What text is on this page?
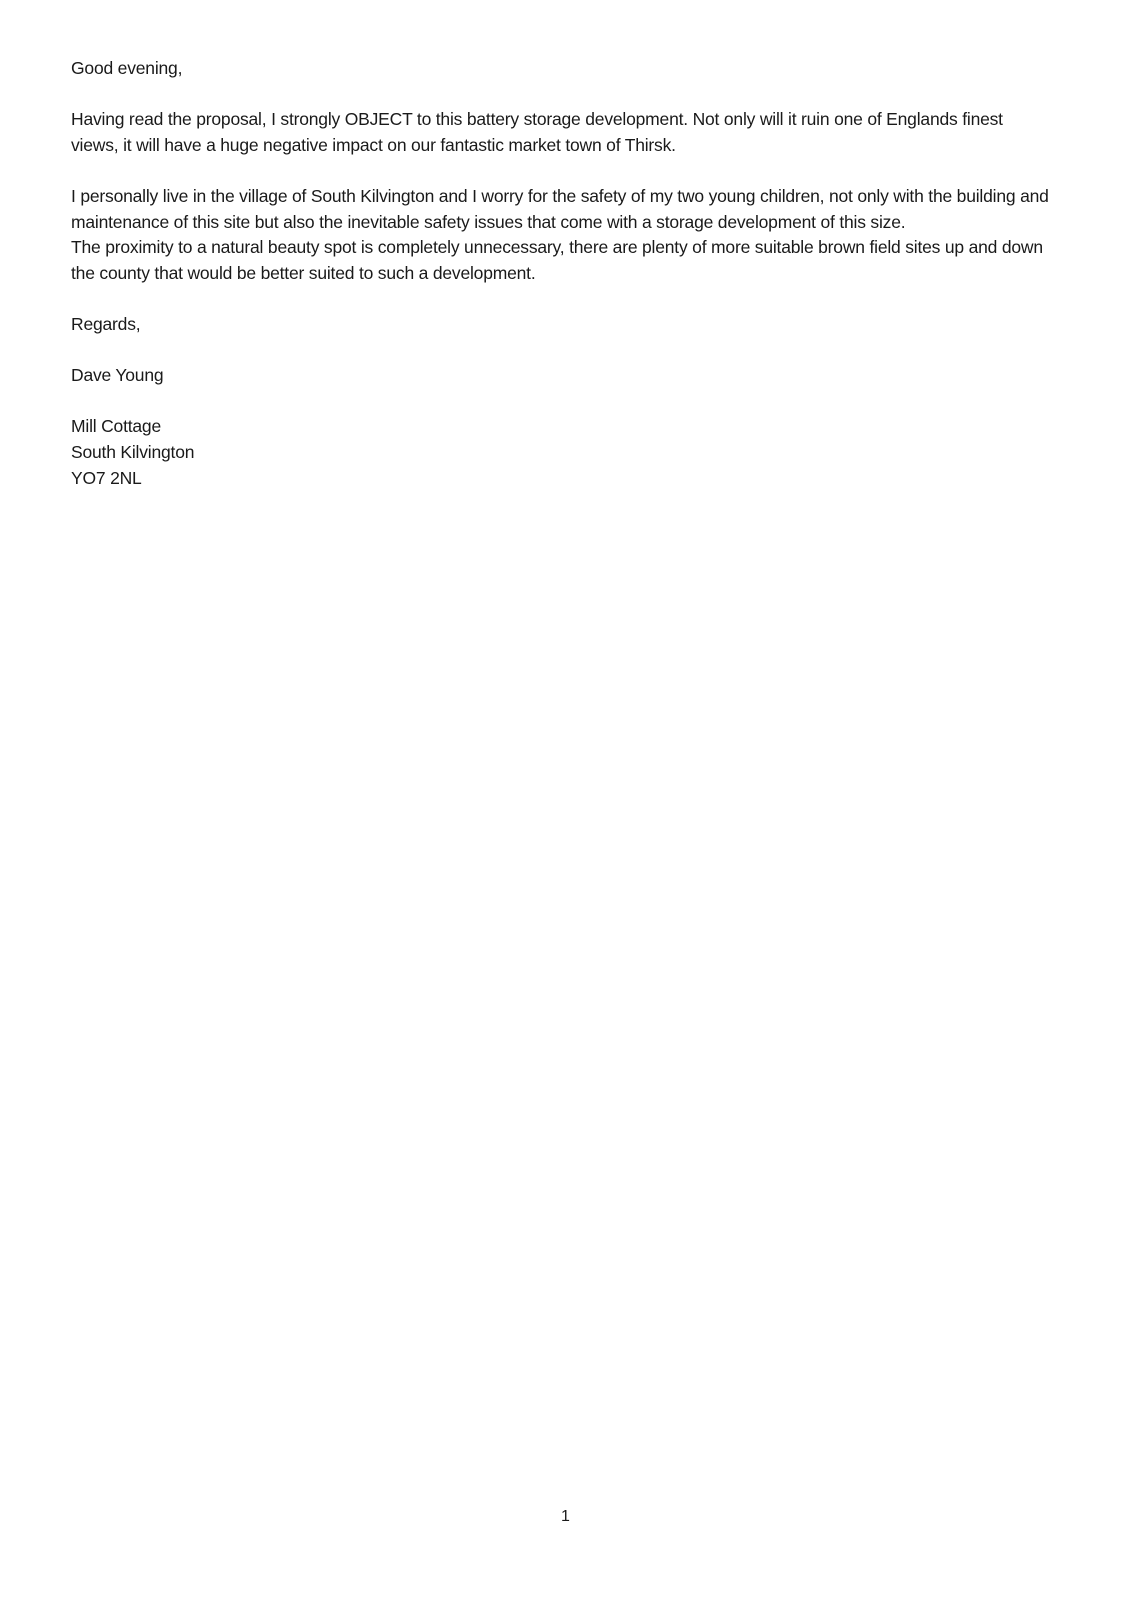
Good evening,

Having read the proposal, I strongly OBJECT to this battery storage development. Not only will it ruin one of Englands finest views, it will have a huge negative impact on our fantastic market town of Thirsk.

I personally live in the village of South Kilvington and I worry for the safety of my two young children, not only with the building and maintenance of this site but also the inevitable safety issues that come with a storage development of this size.

The proximity to a natural beauty spot is completely unnecessary, there are plenty of more suitable brown field sites up and down the county that would be better suited to such a development.

Regards,

Dave Young

Mill Cottage
South Kilvington
YO7 2NL

1
